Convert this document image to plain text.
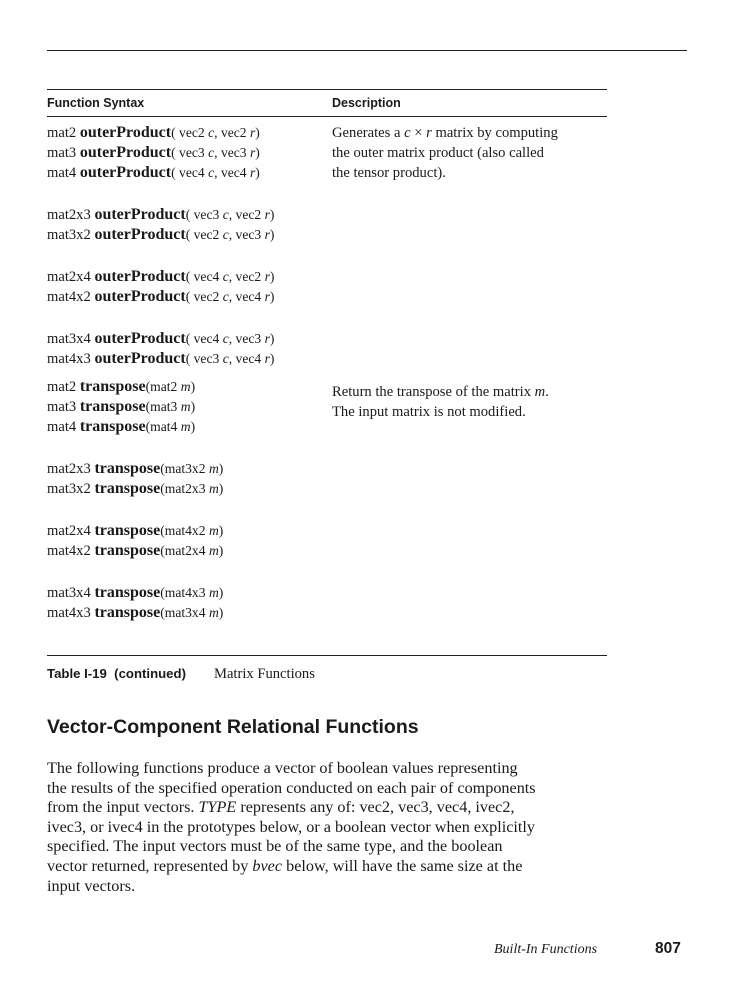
Function Syntax	Description
mat2 outerProduct( vec2 c, vec2 r)
mat3 outerProduct( vec3 c, vec3 r)
mat4 outerProduct( vec4 c, vec4 r)
mat2x3 outerProduct( vec3 c, vec2 r)
mat3x2 outerProduct( vec2 c, vec3 r)
mat2x4 outerProduct( vec4 c, vec2 r)
mat4x2 outerProduct( vec2 c, vec4 r)
mat3x4 outerProduct( vec4 c, vec3 r)
mat4x3 outerProduct( vec3 c, vec4 r)
mat2 transpose(mat2 m)
mat3 transpose(mat3 m)
mat4 transpose(mat4 m)
mat2x3 transpose(mat3x2 m)
mat3x2 transpose(mat2x3 m)
mat2x4 transpose(mat4x2 m)
mat4x2 transpose(mat2x4 m)
mat3x4 transpose(mat4x3 m)
mat4x3 transpose(mat3x4 m)
Generates a c × r matrix by computing
the outer matrix product (also called
the tensor product).
Return the transpose of the matrix m.
The input matrix is not modified.
Table I-19  (continued) Matrix Functions
Vector-Component Relational Functions
The following functions produce a vector of boolean values representing
the results of the specified operation conducted on each pair of components
from the input vectors. TYPE represents any of: vec2, vec3, vec4, ivec2,
ivec3, or ivec4 in the prototypes below, or a boolean vector when explicitly
specified. The input vectors must be of the same type, and the boolean
vector returned, represented by bvec below, will have the same size at the
input vectors.
Built-In Functions	807
